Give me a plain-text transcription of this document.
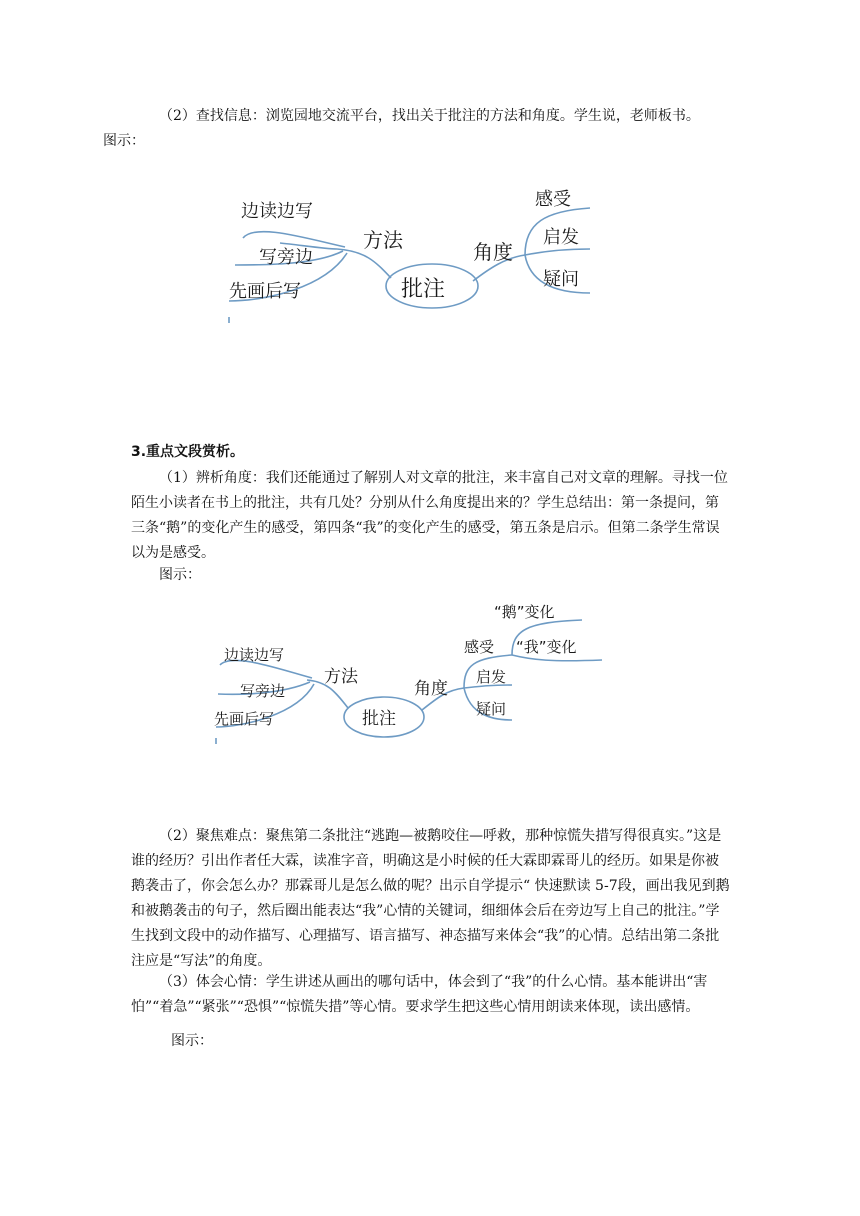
（2）查找信息：浏览园地交流平台，找出关于批注的方法和角度。学生说，老师板书。
图示：

批注
方法
边读边写
写旁边
先画后写
角度
感受
启发
疑问
3.重点文段赏析。

（1）辨析角度：我们还能通过了解别人对文章的批注，来丰富自己对文章的理解。寻找一位陌生小读者在书上的批注，共有几处？分别从什么角度提出来的？学生总结出：第一条提问，第三条“鹅”的变化产生的感受，第四条“我”的变化产生的感受，第五条是启示。但第二条学生常误以为是感受。

图示：

批注
方法
边读边写
写旁边
先画后写
角度
感受
启发
疑问
“鹅”变化
“我”变化

（2）聚焦难点：聚焦第二条批注“逃跑—被鹅咬住—呼救，那种惊慌失措写得很真实。”这是谁的经历？引出作者任大霖，读准字音，明确这是小时候的任大霖即霖哥儿的经历。如果是你被鹅袭击了，你会怎么办？那霖哥儿是怎么做的呢？出示自学提示“ 快速默读 5-7段，画出我见到鹅和被鹅袭击的句子，然后圈出能表达“我”心情的关键词，细细体会后在旁边写上自己的批注。”学生找到文段中的动作描写、心理描写、语言描写、神态描写来体会“我”的心情。总结出第二条批注应是“写法”的角度。

（3）体会心情：学生讲述从画出的哪句话中，体会到了“我”的什么心情。基本能讲出“害怕”“着急”“紧张”“恐惧”“惊慌失措”等心情。要求学生把这些心情用朗读来体现，读出感情。

图示：
